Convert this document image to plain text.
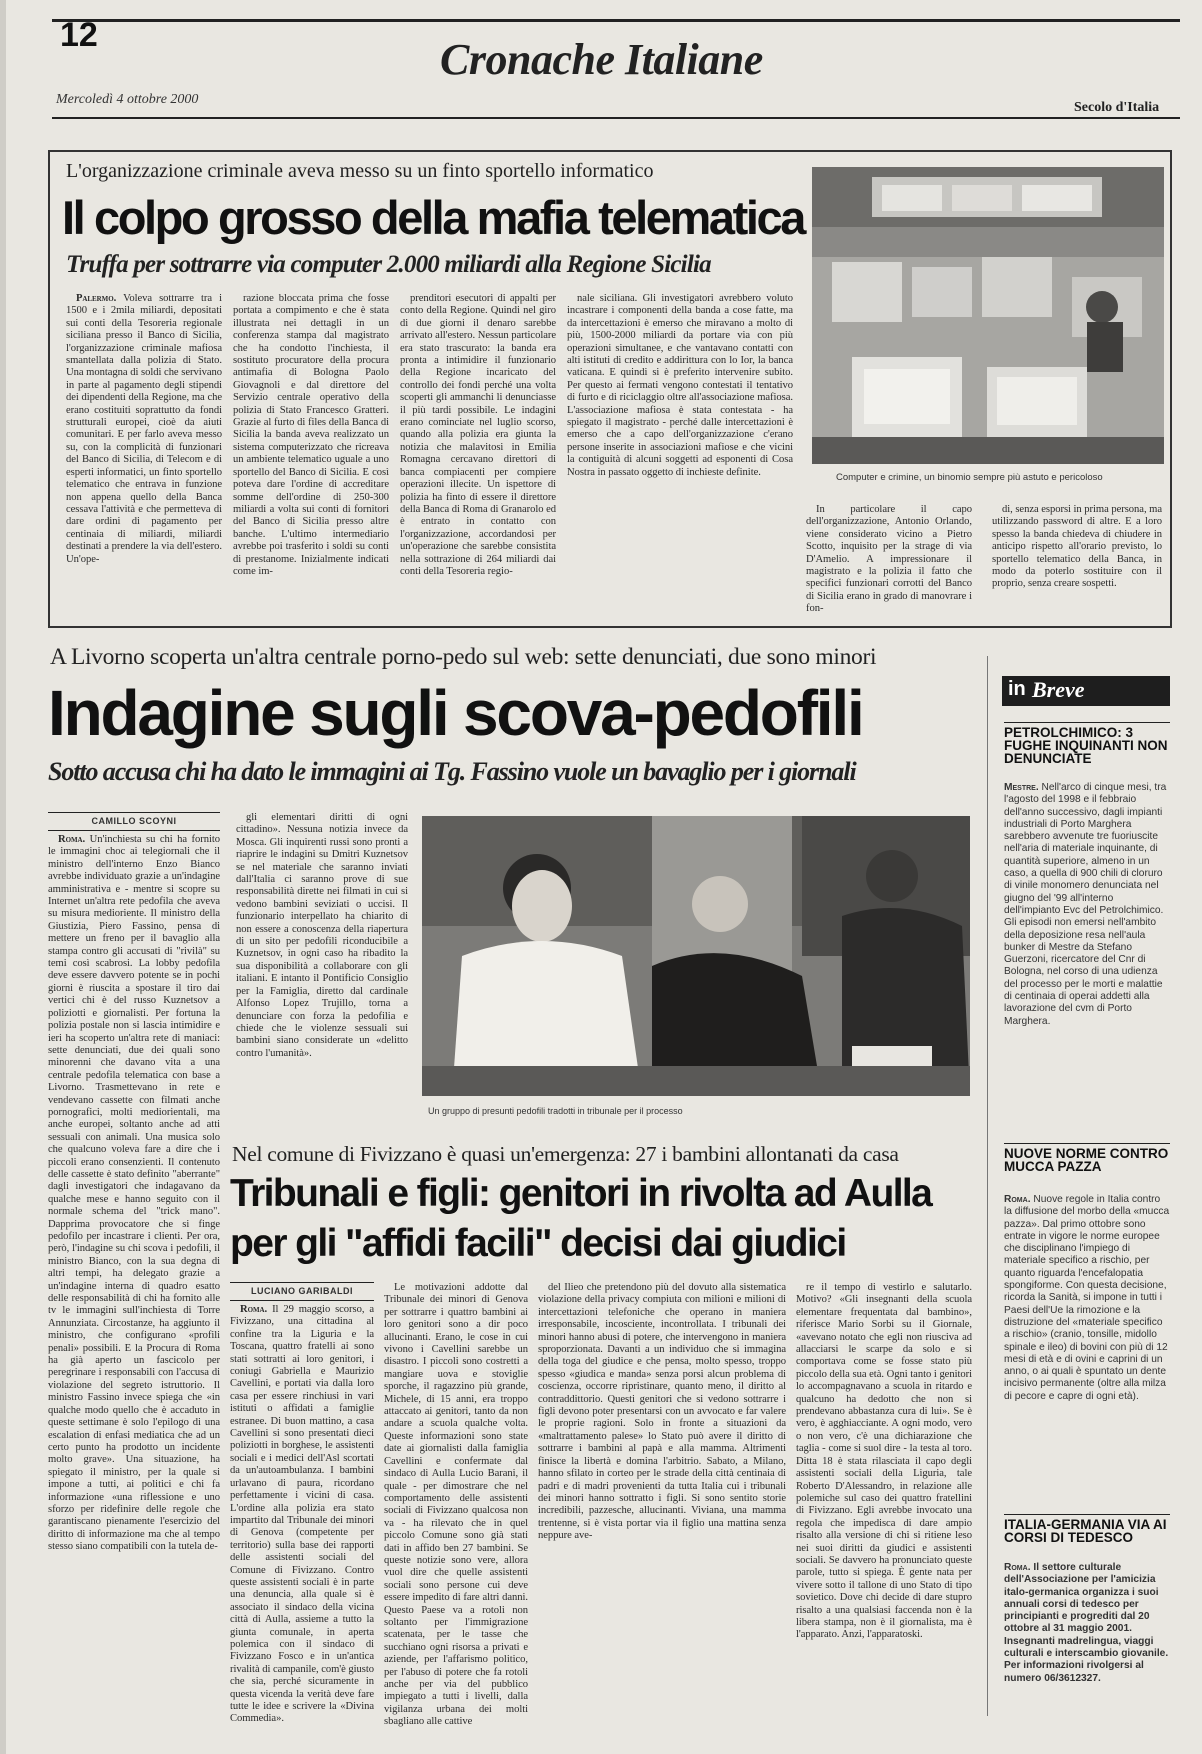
12	Cronache Italiane
Mercoledì 4 ottobre 2000
Secolo d'Italia
L'organizzazione criminale aveva messo su un finto sportello informatico
Il colpo grosso della mafia telematica
Truffa per sottrarre via computer 2.000 miliardi alla Regione Sicilia

Palermo. Voleva sottrarre tra i 1500 e i 2mila miliardi, depositati sui conti della Tesoreria regionale siciliana presso il Banco di Sicilia, l'organizzazione criminale mafiosa smantellata dalla polizia di Stato. Una montagna di soldi che servivano in parte al pagamento degli stipendi dei dipendenti della Regione, ma che erano costituiti soprattutto da fondi strutturali europei, cioè da aiuti comunitari. E per farlo aveva messo su, con la complicità di funzionari del Banco di Sicilia, di Telecom e di esperti informatici, un finto sportello telematico che entrava in funzione non appena quello della Banca cessava l'attività e che permetteva di dare ordini di pagamento per centinaia di miliardi, miliardi destinati a prendere la via dell'estero. Un'ope-

razione bloccata prima che fosse portata a compimento e che è stata illustrata nei dettagli in un conferenza stampa dal magistrato che ha condotto l'inchiesta, il sostituto procuratore della procura antimafia di Bologna Paolo Giovagnoli e dal direttore del Servizio centrale operativo della polizia di Stato Francesco Gratteri. Grazie al furto di files della Banca di Sicilia la banda aveva realizzato un sistema computerizzato che ricreava un ambiente telematico uguale a uno sportello del Banco di Sicilia. E così poteva dare l'ordine di accreditare somme dell'ordine di 250-300 miliardi a volta sui conti di fornitori del Banco di Sicilia presso altre banche. L'ultimo intermediario avrebbe poi trasferito i soldi su conti di prestanome. Inizialmente indicati come im-

prenditori esecutori di appalti per conto della Regione. Quindi nel giro di due giorni il denaro sarebbe arrivato all'estero. Nessun particolare era stato trascurato: la banda era pronta a intimidire il funzionario della Regione incaricato del controllo dei fondi perché una volta scoperti gli ammanchi li denunciasse il più tardi possibile. Le indagini erano cominciate nel luglio scorso, quando alla polizia era giunta la notizia che malavitosi in Emilia Romagna cercavano direttori di banca compiacenti per compiere operazioni illecite. Un ispettore di polizia ha finto di essere il direttore della Banca di Roma di Granarolo ed è entrato in contatto con l'organizzazione, accordandosi per un'operazione che sarebbe consistita nella sottrazione di 264 miliardi dai conti della Tesoreria regio-

nale siciliana. Gli investigatori avrebbero voluto incastrare i componenti della banda a cose fatte, ma da intercettazioni è emerso che miravano a molto di più, 1500-2000 miliardi da portare via con più operazioni simultanee, e che vantavano contatti con alti istituti di credito e addirittura con lo Ior, la banca vaticana. E quindi si è preferito intervenire subito. Per questo ai fermati vengono contestati il tentativo di furto e di riciclaggio oltre all'associazione mafiosa. L'associazione mafiosa è stata contestata - ha spiegato il magistrato - perché dalle intercettazioni è emerso che a capo dell'organizzazione c'erano persone inserite in associazioni mafiose e che vicini la contiguità di alcuni soggetti ad esponenti di Cosa Nostra in passato oggetto di inchieste definite.	Computer e crimine, un binomio sempre più astuto e pericoloso

In particolare il capo dell'organizzazione, Antonio Orlando, viene considerato vicino a Pietro Scotto, inquisito per la strage di via D'Amelio. A impressionare il magistrato e la polizia il fatto che specifici funzionari corrotti del Banco di Sicilia erano in grado di manovrare i fon-

di, senza esporsi in prima persona, ma utilizzando password di altre. E a loro spesso la banda chiedeva di chiudere in anticipo rispetto all'orario previsto, lo sportello telematico della Banca, in modo da poterlo sostituire con il proprio, senza creare sospetti.

A Livorno scoperta un'altra centrale porno-pedo sul web: sette denunciati, due sono minori
Indagine sugli scova-pedofili
Sotto accusa chi ha dato le immagini ai Tg. Fassino vuole un bavaglio per i giornali
CAMILLO SCOYNI

Roma. Un'inchiesta su chi ha fornito le immagini choc ai telegiornali che il ministro dell'interno Enzo Bianco avrebbe individuato grazie a un'indagine amministrativa e - mentre si scopre su Internet un'altra rete pedofila che aveva su misura medioriente. Il ministro della Giustizia, Piero Fassino, pensa di mettere un freno per il bavaglio alla stampa contro gli accusati di "rivilà" su temi così scabrosi. La lobby pedofila deve essere davvero potente se in pochi giorni è riuscita a spostare il tiro dai vertici chi è del russo Kuznetsov a poliziotti e giornalisti. Per fortuna la polizia postale non si lascia intimidire e ieri ha scoperto un'altra rete di maniaci: sette denunciati, due dei quali sono minorenni che davano vita a una centrale pedofila telematica con base a Livorno. Trasmettevano in rete e vendevano cassette con filmati anche pornografici, molti mediorientali, ma anche europei, soltanto anche ad atti sessuali con animali. Una musica solo che qualcuno voleva fare a dire che i piccoli erano consenzienti. Il contenuto delle cassette è stato definito "aberrante" dagli investigatori che indagavano da qualche mese e hanno seguito con il normale schema del "trick mano". Dapprima provocatore che si finge pedofilo per incastrare i clienti. Per ora, però, l'indagine su chi scova i pedofili, il ministro Bianco, con la sua degna di altri tempi, ha delegato grazie a un'indagine interna di quadro esatto delle responsabilità di chi ha fornito alle tv le immagini sull'inchiesta di Torre Annunziata. Circostanze, ha aggiunto il ministro, che configurano «profili penali» possibili. E la Procura di Roma ha già aperto un fascicolo per peregrinare i responsabili con l'accusa di violazione del segreto istruttorio. Il ministro Fassino invece spiega che «in qualche modo quello che è accaduto in queste settimane è solo l'epilogo di una escalation di enfasi mediatica che ad un certo punto ha prodotto un incidente molto grave». Una situazione, ha spiegato il ministro, per la quale si impone a tutti, ai politici e chi fa informazione «una riflessione e uno sforzo per ridefinire delle regole che garantiscano pienamente l'esercizio del diritto di informazione ma che al tempo stesso siano compatibili con la tutela de-

gli elementari diritti di ogni cittadino». Nessuna notizia invece da Mosca. Gli inquirenti russi sono pronti a riaprire le indagini su Dmitri Kuznetsov se nel materiale che saranno inviati dall'Italia ci saranno prove di sue responsabilità dirette nei filmati in cui si vedono bambini seviziati o uccisi. Il funzionario interpellato ha chiarito di non essere a conoscenza della riapertura di un sito per pedofili riconducibile a Kuznetsov, in ogni caso ha ribadito la sua disponibilità a collaborare con gli italiani. E intanto il Pontificio Consiglio per la Famiglia, diretto dal cardinale Alfonso Lopez Trujillo, torna a denunciare con forza la pedofilia e chiede che le violenze sessuali sui bambini siano considerate un «delitto contro l'umanità».

Un gruppo di presunti pedofili tradotti in tribunale per il processo
Nel comune di Fivizzano è quasi un'emergenza: 27 i bambini allontanati da casa
Tribunali e figli: genitori in rivolta ad Aulla
per gli "affidi facili" decisi dai giudici
LUCIANO GARIBALDI

Roma. Il 29 maggio scorso, a Fivizzano, una cittadina al confine tra la Liguria e la Toscana, quattro fratelli ai sono stati sottratti ai loro genitori, i coniugi Gabriella e Maurizio Cavellini, e portati via dalla loro casa per essere rinchiusi in vari istituti o affidati a famiglie estranee. Di buon mattino, a casa Cavellini si sono presentati dieci poliziotti in borghese, le assistenti sociali e i medici dell'Asl scortati da un'autoambulanza. I bambini urlavano di paura, ricordano perfettamente i vicini di casa. L'ordine alla polizia era stato impartito dal Tribunale dei minori di Genova (competente per territorio) sulla base dei rapporti delle assistenti sociali del Comune di Fivizzano. Contro queste assistenti sociali è in parte una denuncia, alla quale si è associato il sindaco della vicina città di Aulla, assieme a tutto la giunta comunale, in aperta polemica con il sindaco di Fivizzano Fosco e in un'antica rivalità di campanile, com'è giusto che sia, perché sicuramente in questa vicenda la verità deve fare tutte le idee e scrivere la «Divina Commedia».

Le motivazioni addotte dal Tribunale dei minori di Genova per sottrarre i quattro bambini ai loro genitori sono a dir poco allucinanti. Erano, le cose in cui vivono i Cavellini sarebbe un disastro. I piccoli sono costretti a mangiare uova e stoviglie sporche, il ragazzino più grande, Michele, di 15 anni, era troppo attaccato ai genitori, tanto da non andare a scuola qualche volta. Queste informazioni sono state date ai giornalisti dalla famiglia Cavellini e confermate dal sindaco di Aulla Lucio Barani, il quale - per dimostrare che nel comportamento delle assistenti sociali di Fivizzano qualcosa non va - ha rilevato che in quel piccolo Comune sono già stati dati in affido ben 27 bambini. Se queste notizie sono vere, allora vuol dire che quelle assistenti sociali sono persone cui deve essere impedito di fare altri danni. Questo Paese va a rotoli non soltanto per l'immigrazione scatenata, per le tasse che succhiano ogni risorsa a privati e aziende, per l'affarismo politico, per l'abuso di potere che fa rotoli anche per via del pubblico impiegato a tutti i livelli, dalla vigilanza urbana dei molti sbagliano alle cattive

del Ilieo che pretendono più del dovuto alla sistematica violazione della privacy compiuta con milioni e milioni di intercettazioni telefoniche che operano in maniera irresponsabile, incosciente, incontrollata. I tribunali dei minori hanno abusi di potere, che intervengono in maniera sproporzionata. Davanti a un individuo che si immagina della toga del giudice e che pensa, molto spesso, troppo spesso «giudica e manda» senza porsi alcun problema di coscienza, occorre ripristinare, quanto meno, il diritto al contraddittorio. Questi genitori che si vedono sottrarre i figli devono poter presentarsi con un avvocato e far valere le proprie ragioni. Solo in fronte a situazioni da «maltrattamento palese» lo Stato può avere il diritto di sottrarre i bambini al papà e alla mamma. Altrimenti finisce la libertà e domina l'arbitrio. Sabato, a Milano, hanno sfilato in corteo per le strade della città centinaia di padri e di madri provenienti da tutta Italia cui i tribunali dei minori hanno sottratto i figli. Si sono sentito storie incredibili, pazzesche, allucinanti. Viviana, una mamma trentenne, si è vista portar via il figlio una mattina senza neppure ave-

re il tempo di vestirlo e salutarlo. Motivo? «Gli insegnanti della scuola elementare frequentata dal bambino», riferisce Mario Sorbi su il Giornale, «avevano notato che egli non riusciva ad allacciarsi le scarpe da solo e si comportava come se fosse stato più piccolo della sua età. Ogni tanto i genitori lo accompagnavano a scuola in ritardo e qualcuno ha dedotto che non si prendevano abbastanza cura di lui». Se è vero, è agghiacciante. A ogni modo, vero o non vero, c'è una dichiarazione che taglia - come si suol dire - la testa al toro. Ditta 18 è stata rilasciata il capo degli assistenti sociali della Liguria, tale Roberto D'Alessandro, in relazione alle polemiche sul caso dei quattro fratellini di Fivizzano. Egli avrebbe invocato una regola che impedisca di dare ampio risalto alla versione di chi si ritiene leso nei suoi diritti da giudici e assistenti sociali. Se davvero ha pronunciato queste parole, tutto si spiega. È gente nata per vivere sotto il tallone di uno Stato di tipo sovietico. Dove chi decide di dare stupro risalto a una qualsiasi faccenda non è la libera stampa, non è il giornalista, ma è l'apparato. Anzi, l'apparatoski.

in Breve
PETROLCHIMICO: 3 FUGHE INQUINANTI NON DENUNCIATE
Mestre. Nell'arco di cinque mesi, tra l'agosto del 1998 e il febbraio dell'anno successivo, dagli impianti industriali di Porto Marghera sarebbero avvenute tre fuoriuscite nell'aria di materiale inquinante, di quantità superiore, almeno in un caso, a quella di 900 chili di cloruro di vinile monomero denunciata nel giugno del '99 all'interno dell'impianto Evc del Petrolchimico. Gli episodi non emersi nell'ambito della deposizione resa nell'aula bunker di Mestre da Stefano Guerzoni, ricercatore del Cnr di Bologna, nel corso di una udienza del processo per le morti e malattie di centinaia di operai addetti alla lavorazione del cvm di Porto Marghera.
NUOVE NORME CONTRO MUCCA PAZZA
Roma. Nuove regole in Italia contro la diffusione del morbo della «mucca pazza». Dal primo ottobre sono entrate in vigore le norme europee che disciplinano l'impiego di materiale specifico a rischio, per quanto riguarda l'encefalopatia spongiforme. Con questa decisione, ricorda la Sanità, si impone in tutti i Paesi dell'Ue la rimozione e la distruzione del «materiale specifico a rischio» (cranio, tonsille, midollo spinale e ileo) di bovini con più di 12 mesi di età e di ovini e caprini di un anno, o ai quali è spuntato un dente incisivo permanente (oltre alla milza di pecore e capre di ogni età).
ITALIA-GERMANIA VIA AI CORSI DI TEDESCO
Roma. Il settore culturale dell'Associazione per l'amicizia italo-germanica organizza i suoi annuali corsi di tedesco per principianti e progrediti dal 20 ottobre al 31 maggio 2001. Insegnanti madrelingua, viaggi culturali e interscambio giovanile. Per informazioni rivolgersi al numero 06/3612327.
